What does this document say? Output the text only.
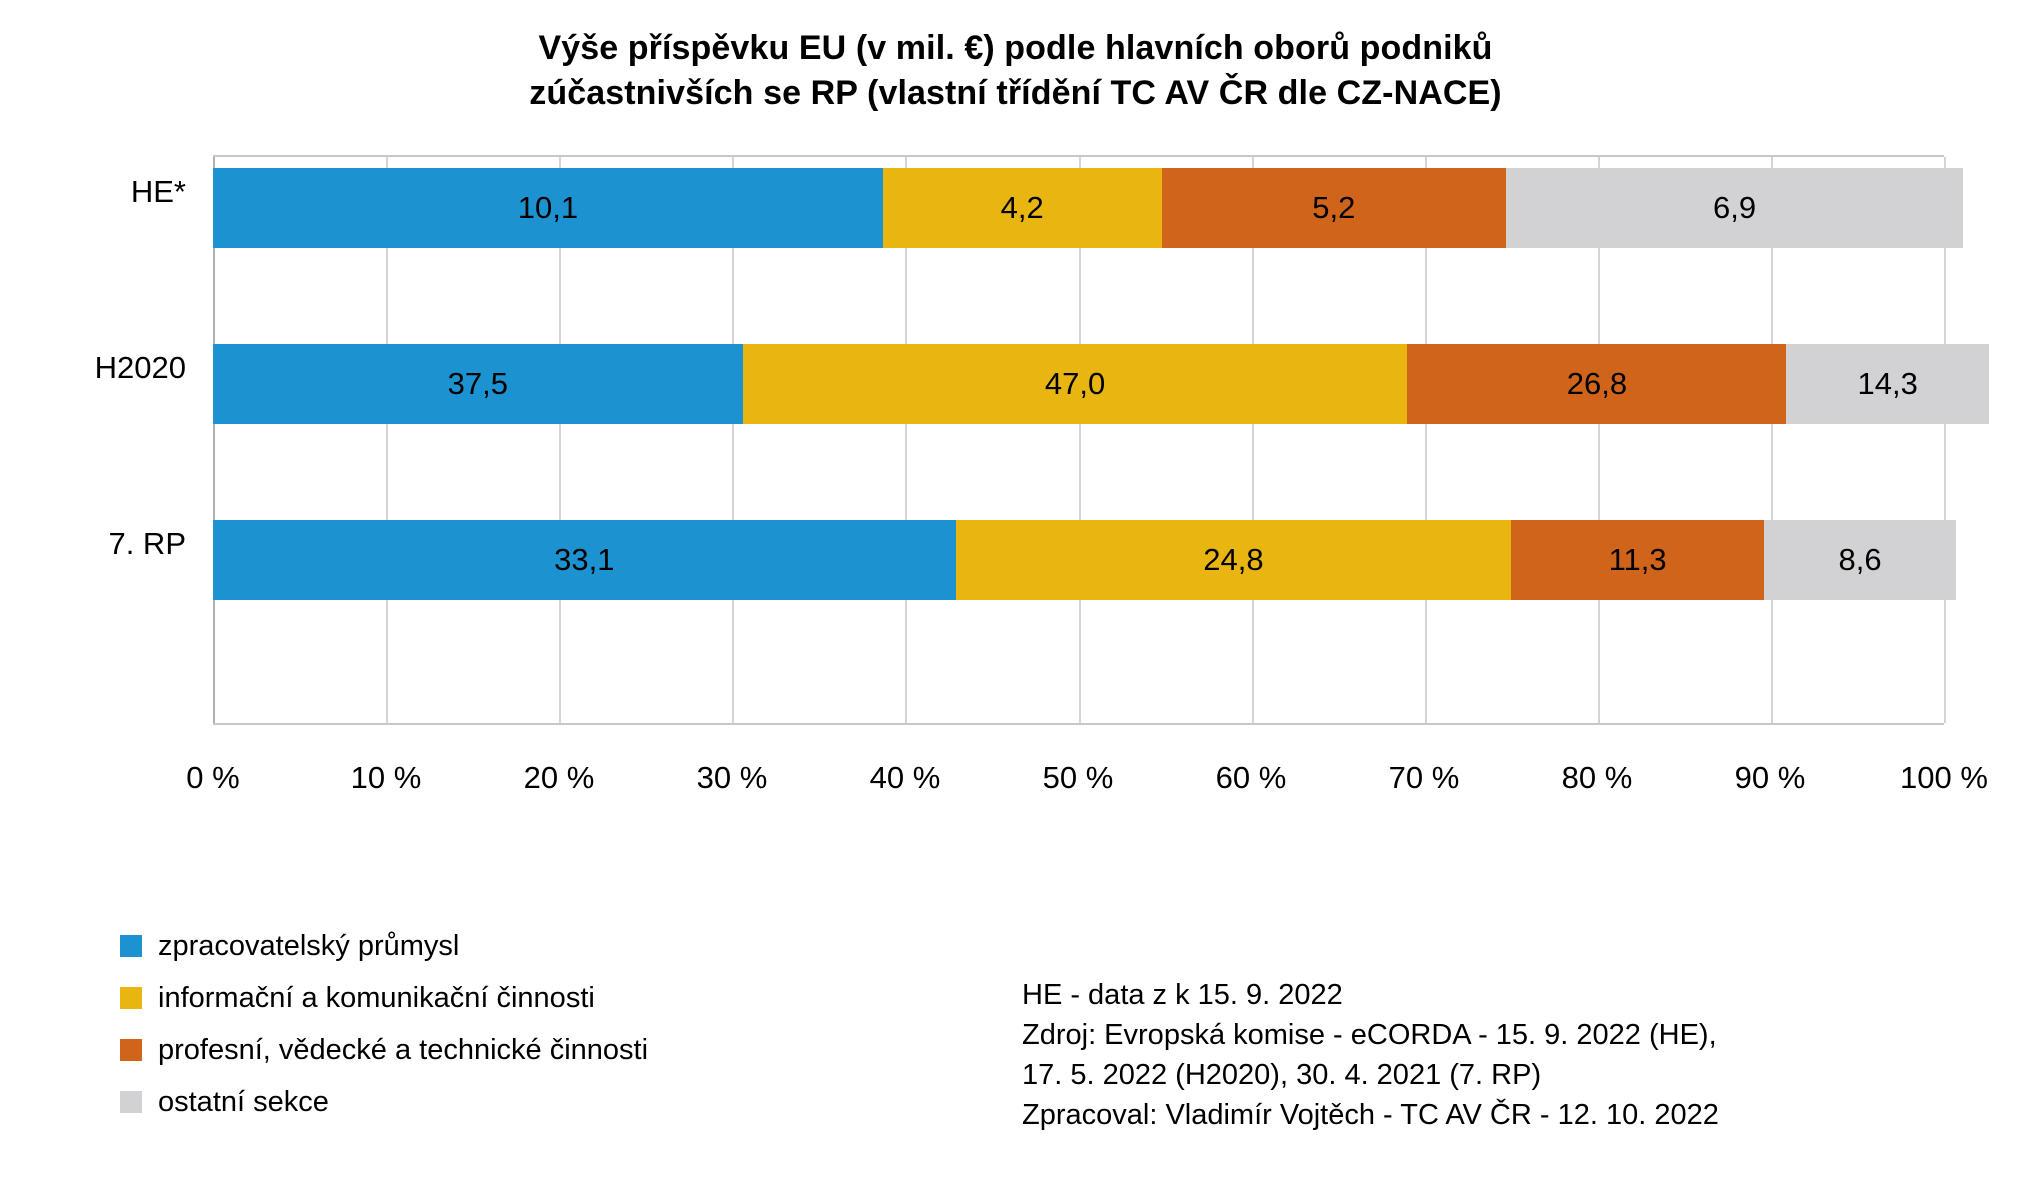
Výše příspěvku EU (v mil. €) podle hlavních oborů podniků
zúčastnivších se RP (vlastní třídění TC AV ČR dle CZ-NACE)
HE*
H2020
7. RP
10,1	4,2	5,2	6,9
37,5	47,0	26,8	14,3
33,1	24,8	11,3	8,6
0 %	10 %	20 %	30 %	40 %	50 %	60 %	70 %	80 %	90 %	100 %
zpracovatelský průmysl
informační a komunikační činnosti
profesní, vědecké a technické činnosti
ostatní sekce
HE - data z k 15. 9. 2022
Zdroj: Evropská komise - eCORDA - 15. 9. 2022 (HE),
17. 5. 2022 (H2020), 30. 4. 2021 (7. RP)
Zpracoval: Vladimír Vojtěch - TC AV ČR - 12. 10. 2022
